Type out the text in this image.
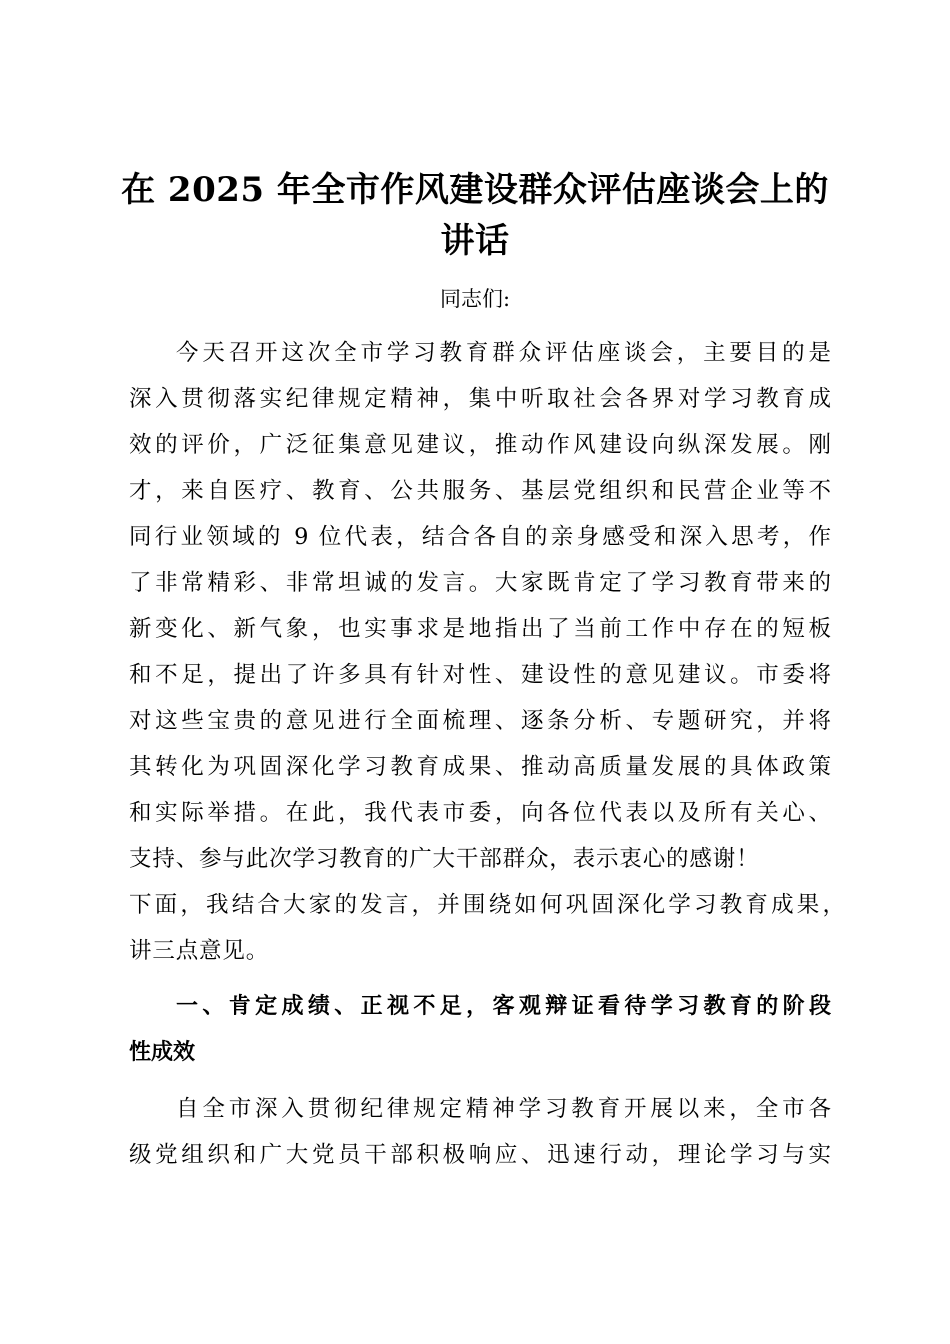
在 2025 年全市作风建设群众评估座谈会上的
讲话
同志们:
今天召开这次全市学习教育群众评估座谈会，主要目的是
深入贯彻落实纪律规定精神，集中听取社会各界对学习教育成
效的评价，广泛征集意见建议，推动作风建设向纵深发展。刚
才，来自医疗、教育、公共服务、基层党组织和民营企业等不
同行业领域的 9 位代表，结合各自的亲身感受和深入思考，作
了非常精彩、非常坦诚的发言。大家既肯定了学习教育带来的
新变化、新气象，也实事求是地指出了当前工作中存在的短板
和不足，提出了许多具有针对性、建设性的意见建议。市委将
对这些宝贵的意见进行全面梳理、逐条分析、专题研究，并将
其转化为巩固深化学习教育成果、推动高质量发展的具体政策
和实际举措。在此，我代表市委，向各位代表以及所有关心、
支持、参与此次学习教育的广大干部群众，表示衷心的感谢！
下面，我结合大家的发言，并围绕如何巩固深化学习教育成果，
讲三点意见。
一、肯定成绩、正视不足，客观辩证看待学习教育的阶段
性成效
自全市深入贯彻纪律规定精神学习教育开展以来，全市各
级党组织和广大党员干部积极响应、迅速行动，理论学习与实
